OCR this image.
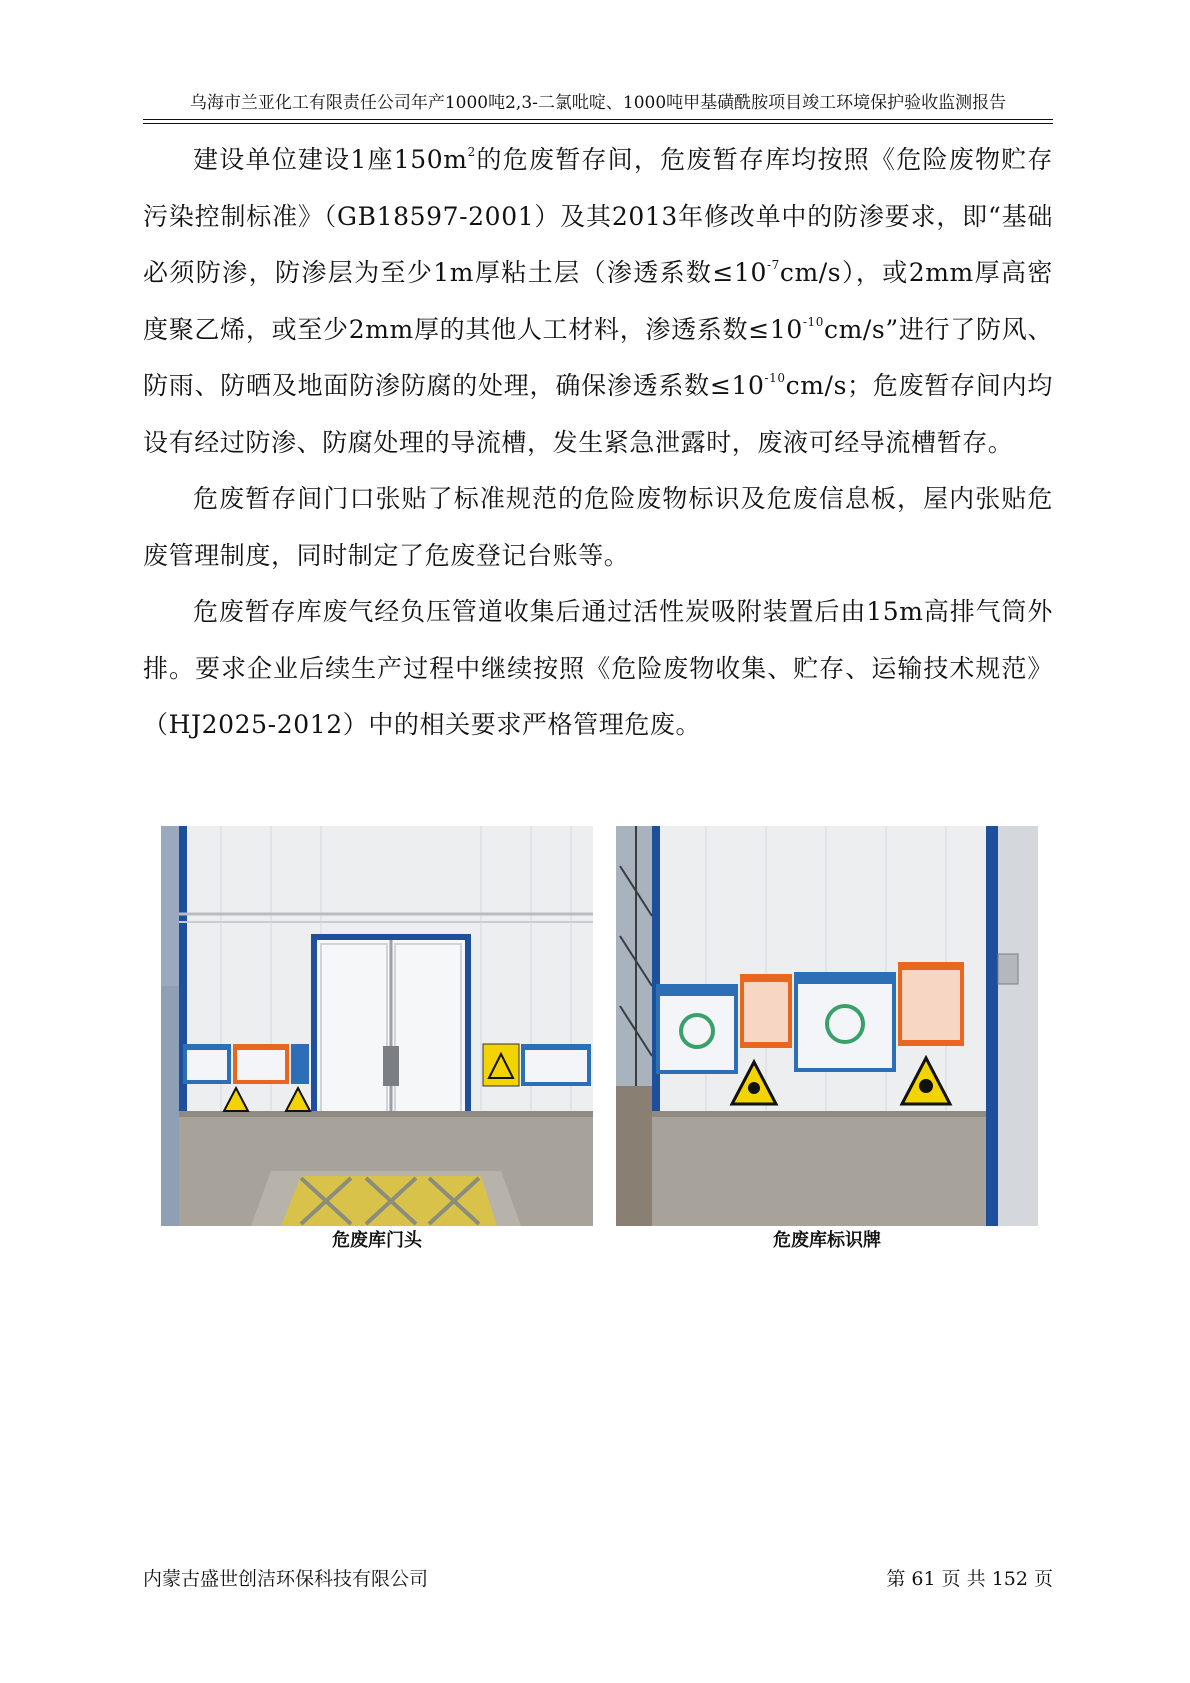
乌海市兰亚化工有限责任公司年产1000吨2,3-二氯吡啶、1000吨甲基磺酰胺项目竣工环境保护验收监测报告

建设单位建设1座$150m^2$的危废暂存间，危废暂存库均按照《危险废物贮存污染控制标准》（GB18597-2001）及其2013年修改单中的防渗要求，即“基础必须防渗，防渗层为至少1m厚粘土层（渗透系数$\le 10^{-7}cm/s$），或2mm厚高密度聚乙烯，或至少2mm厚的其他人工材料，渗透系数$\le 10^{-10}cm/s$”进行了防风、防雨、防晒及地面防渗防腐的处理，确保渗透系数$\le 10^{-10}cm/s$；危废暂存间内均设有经过防渗、防腐处理的导流槽，发生紧急泄露时，废液可经导流槽暂存。

危废暂存间门口张贴了标准规范的危险废物标识及危废信息板，屋内张贴危废管理制度，同时制定了危废登记台账等。

危废暂存库废气经负压管道收集后通过活性炭吸附装置后由15m高排气筒外排。要求企业后续生产过程中继续按照《危险废物收集、贮存、运输技术规范》（HJ2025-2012）中的相关要求严格管理危废。

危废库门头	危废库标识牌
内蒙古盛世创洁环保科技有限公司	第 61 页 共 152 页
